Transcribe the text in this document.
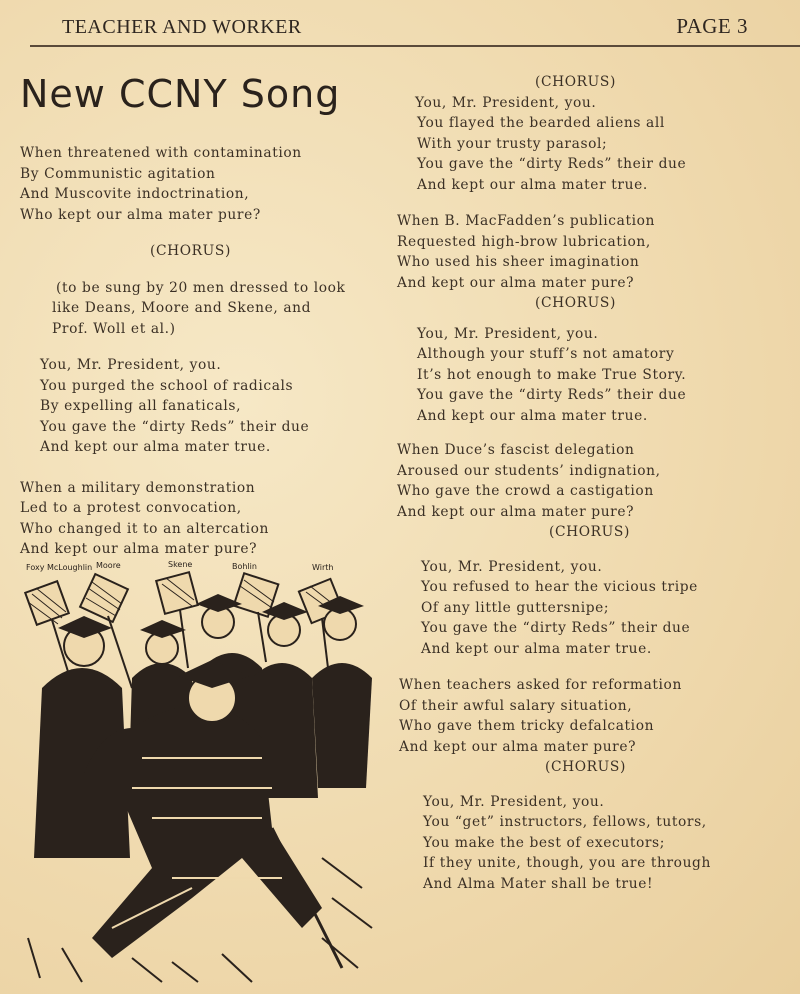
TEACHER AND WORKER	PAGE 3
New CCNY Song

When threatened with contamination

By Communistic agitation

And Muscovite indoctrination,

Who kept our alma mater pure?

(CHORUS)

(to be sung by 20 men dressed to look

like Deans, Moore and Skene, and

Prof. Woll et al.)

You, Mr. President, you.

You purged the school of radicals

By expelling all fanaticals,

You gave the “dirty Reds” their due

And kept our alma mater true.

When a military demonstration

Led to a protest convocation,

Who changed it to an altercation

And kept our alma mater pure?

Foxy McLoughlin Moore	Skene	Bohlin	Wirth

(CHORUS)

You, Mr. President, you.

You flayed the bearded aliens all

With your trusty parasol;

You gave the “dirty Reds” their due

And kept our alma mater true.

When B. MacFadden’s publication

Requested high-brow lubrication,

Who used his sheer imagination

And kept our alma mater pure?

(CHORUS)

You, Mr. President, you.

Although your stuff’s not amatory

It’s hot enough to make True Story.

You gave the “dirty Reds” their due

And kept our alma mater true.

When Duce’s fascist delegation

Aroused our students’ indignation,

Who gave the crowd a castigation

And kept our alma mater pure?

(CHORUS)

You, Mr. President, you.

You refused to hear the vicious tripe

Of any little guttersnipe;

You gave the “dirty Reds” their due

And kept our alma mater true.

When teachers asked for reformation

Of their awful salary situation,

Who gave them tricky defalcation

And kept our alma mater pure?

(CHORUS)

You, Mr. President, you.

You “get” instructors, fellows, tutors,

You make the best of executors;

If they unite, though, you are through

And Alma Mater shall be true!
